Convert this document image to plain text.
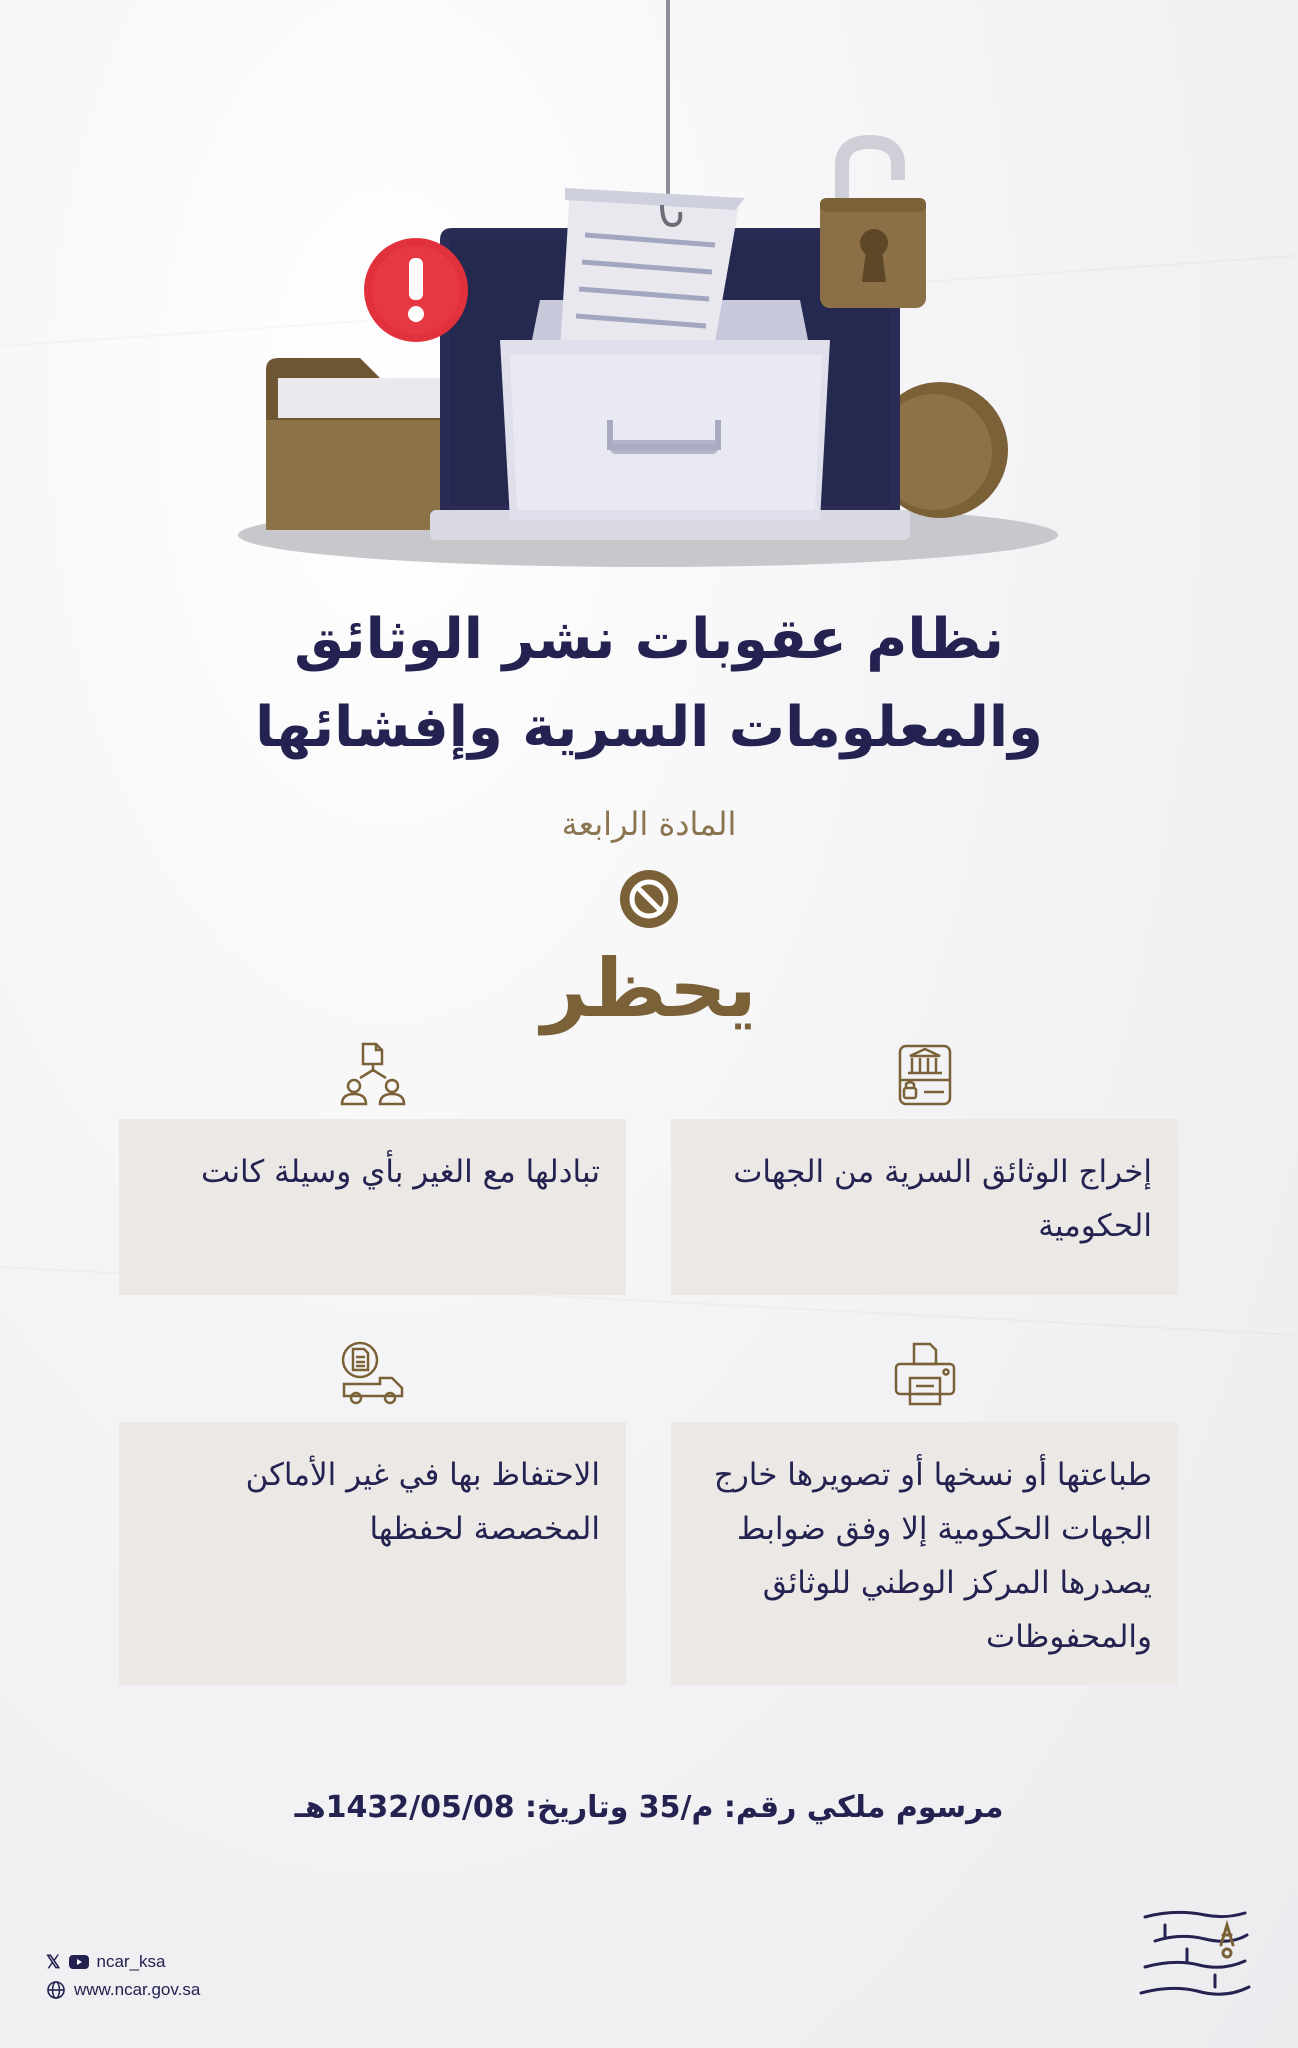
نظام عقوبات نشر الوثائق
والمعلومات السرية وإفشائها
المادة الرابعة
يحظر
إخراج الوثائق السرية من الجهات الحكومية
تبادلها مع الغير بأي وسيلة كانت
طباعتها أو نسخها أو تصويرها خارج الجهات الحكومية إلا وفق ضوابط يصدرها المركز الوطني للوثائق والمحفوظات
الاحتفاظ بها في غير الأماكن المخصصة لحفظها
مرسوم ملكي رقم: م/35 وتاريخ: 1432/05/08هـ
𝕏 ncar_ksa
www.ncar.gov.sa
